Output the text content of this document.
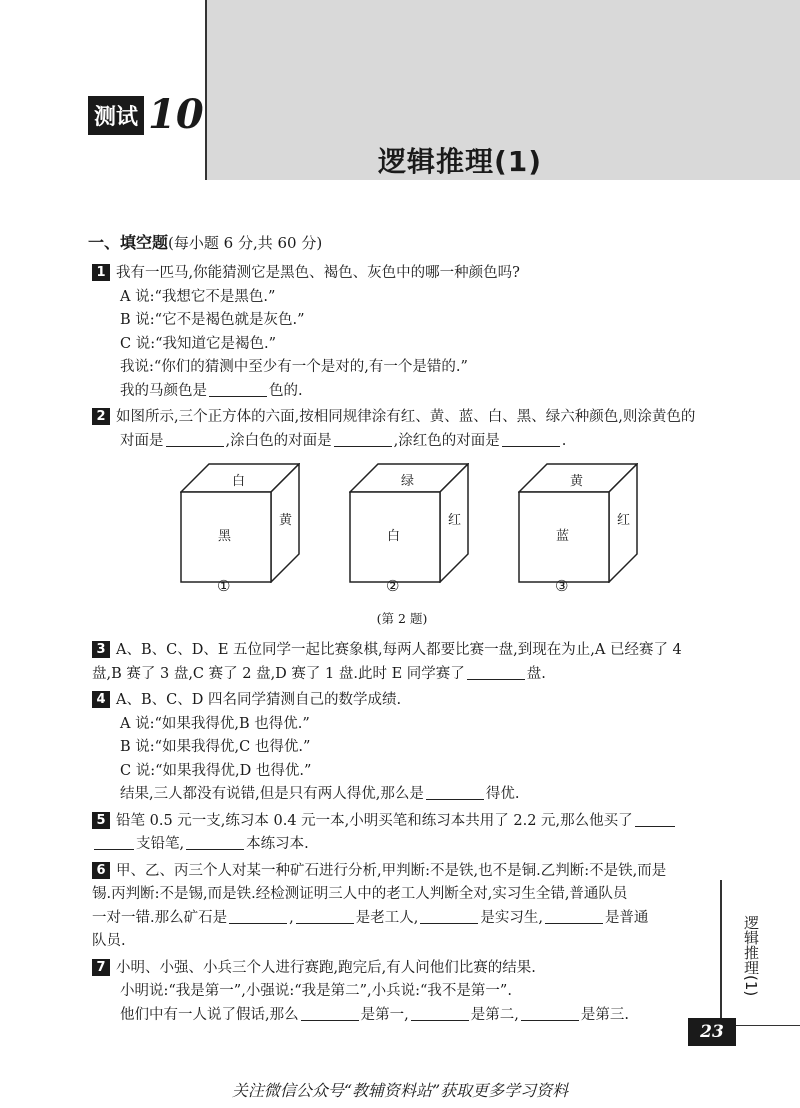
测试 10
逻辑推理(1)
一、填空题(每小题 6 分,共 60 分)
1 我有一匹马,你能猜测它是黑色、褐色、灰色中的哪一种颜色吗?
A 说:“我想它不是黑色.”
B 说:“它不是褐色就是灰色.”
C 说:“我知道它是褐色.”
我说:“你们的猜测中至少有一个是对的,有一个是错的.”
我的马颜色是	色的.
2 如图所示,三个正方体的六面,按相同规律涂有红、黄、蓝、白、黑、绿六种颜色,则涂黄色的
对面是	,涂白色的对面是	,涂红色的对面是	.
白
黑
黄
①
绿
白
红
②
黄
蓝
红
③
(第 2 题)
3 A、B、C、D、E 五位同学一起比赛象棋,每两人都要比赛一盘,到现在为止,A 已经赛了 4
盘,B 赛了 3 盘,C 赛了 2 盘,D 赛了 1 盘.此时 E 同学赛了	盘.
4 A、B、C、D 四名同学猜测自己的数学成绩.
A 说:“如果我得优,B 也得优.”
B 说:“如果我得优,C 也得优.”
C 说:“如果我得优,D 也得优.”
结果,三人都没有说错,但是只有两人得优,那么是	得优.
5 铅笔 0.5 元一支,练习本 0.4 元一本,小明买笔和练习本共用了 2.2 元,那么他买了
支铅笔,	本练习本.
6 甲、乙、丙三个人对某一种矿石进行分析,甲判断:不是铁,也不是铜.乙判断:不是铁,而是
锡.丙判断:不是锡,而是铁.经检测证明三人中的老工人判断全对,实习生全错,普通队员
一对一错.那么矿石是	,	是老工人,	是实习生,	是普通
队员.
7 小明、小强、小兵三个人进行赛跑,跑完后,有人问他们比赛的结果.
小明说:“我是第一”,小强说:“我是第二”,小兵说:“我不是第一”.
他们中有一人说了假话,那么	是第一,	是第二,	是第三.
逻辑推理(1)
23
关注微信公众号“教辅资料站”获取更多学习资料
